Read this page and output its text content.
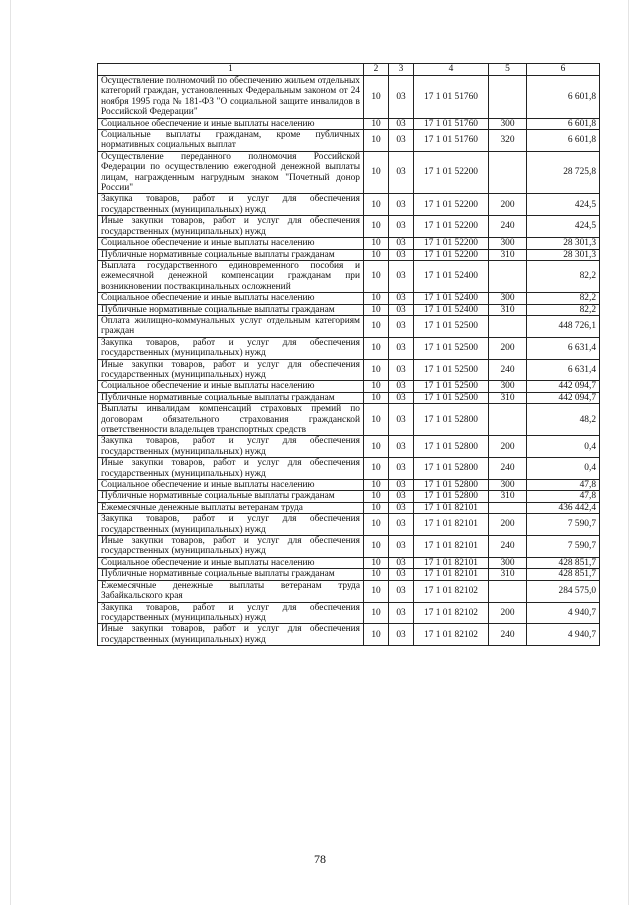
1	2	3	4	5	6
Осуществление полномочий по обеспечению жильем отдельных категорий граждан, установленных Федеральным законом от 24 ноября 1995 года № 181-ФЗ "О социальной защите инвалидов в Российской Федерации"	10	03	17 1 01 51760		6 601,8
Социальное обеспечение и иные выплаты населению	10	03	17 1 01 51760	300	6 601,8
Социальные выплаты гражданам, кроме публичных нормативных социальных выплат	10	03	17 1 01 51760	320	6 601,8
Осуществление переданного полномочия Российской Федерации по осуществлению ежегодной денежной выплаты лицам, награжденным нагрудным знаком "Почетный донор России"	10	03	17 1 01 52200		28 725,8
Закупка товаров, работ и услуг для обеспечения государственных (муниципальных) нужд	10	03	17 1 01 52200	200	424,5
Иные закупки товаров, работ и услуг для обеспечения государственных (муниципальных) нужд	10	03	17 1 01 52200	240	424,5
Социальное обеспечение и иные выплаты населению	10	03	17 1 01 52200	300	28 301,3
Публичные нормативные социальные выплаты гражданам	10	03	17 1 01 52200	310	28 301,3
Выплата государственного единовременного пособия и ежемесячной денежной компенсации гражданам при возникновении поствакцинальных осложнений	10	03	17 1 01 52400		82,2
Социальное обеспечение и иные выплаты населению	10	03	17 1 01 52400	300	82,2
Публичные нормативные социальные выплаты гражданам	10	03	17 1 01 52400	310	82,2
Оплата жилищно-коммунальных услуг отдельным категориям граждан	10	03	17 1 01 52500		448 726,1
Закупка товаров, работ и услуг для обеспечения государственных (муниципальных) нужд	10	03	17 1 01 52500	200	6 631,4
Иные закупки товаров, работ и услуг для обеспечения государственных (муниципальных) нужд	10	03	17 1 01 52500	240	6 631,4
Социальное обеспечение и иные выплаты населению	10	03	17 1 01 52500	300	442 094,7
Публичные нормативные социальные выплаты гражданам	10	03	17 1 01 52500	310	442 094,7
Выплаты инвалидам компенсаций страховых премий по договорам обязательного страхования гражданской ответственности владельцев транспортных средств	10	03	17 1 01 52800		48,2
Закупка товаров, работ и услуг для обеспечения государственных (муниципальных) нужд	10	03	17 1 01 52800	200	0,4
Иные закупки товаров, работ и услуг для обеспечения государственных (муниципальных) нужд	10	03	17 1 01 52800	240	0,4
Социальное обеспечение и иные выплаты населению	10	03	17 1 01 52800	300	47,8
Публичные нормативные социальные выплаты гражданам	10	03	17 1 01 52800	310	47,8
Ежемесячные денежные выплаты ветеранам труда	10	03	17 1 01 82101		436 442,4
Закупка товаров, работ и услуг для обеспечения государственных (муниципальных) нужд	10	03	17 1 01 82101	200	7 590,7
Иные закупки товаров, работ и услуг для обеспечения государственных (муниципальных) нужд	10	03	17 1 01 82101	240	7 590,7
Социальное обеспечение и иные выплаты населению	10	03	17 1 01 82101	300	428 851,7
Публичные нормативные социальные выплаты гражданам	10	03	17 1 01 82101	310	428 851,7
Ежемесячные денежные выплаты ветеранам труда Забайкальского края	10	03	17 1 01 82102		284 575,0
Закупка товаров, работ и услуг для обеспечения государственных (муниципальных) нужд	10	03	17 1 01 82102	200	4 940,7
Иные закупки товаров, работ и услуг для обеспечения государственных (муниципальных) нужд	10	03	17 1 01 82102	240	4 940,7
78
